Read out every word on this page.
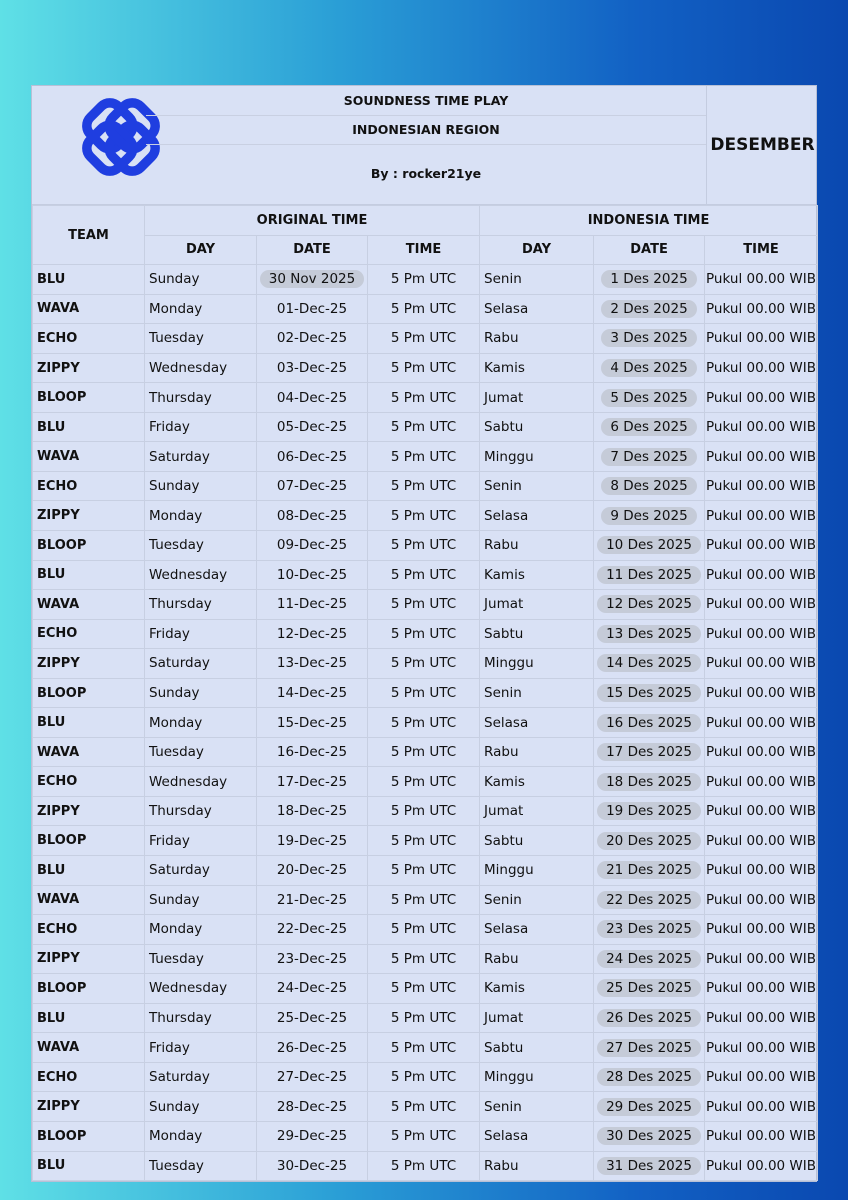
SOUNDNESS TIME PLAY
INDONESIAN REGION
By : rocker21ye
DESEMBER
TEAM	ORIGINAL TIME			INDONESIA TIME		
	DAY	DATE	TIME	DAY	DATE	TIME
BLU	Sunday	30 Nov 2025	5 Pm UTC	Senin	1 Des 2025	Pukul 00.00 WIB
WAVA	Monday	01-Dec-25	5 Pm UTC	Selasa	2 Des 2025	Pukul 00.00 WIB
ECHO	Tuesday	02-Dec-25	5 Pm UTC	Rabu	3 Des 2025	Pukul 00.00 WIB
ZIPPY	Wednesday	03-Dec-25	5 Pm UTC	Kamis	4 Des 2025	Pukul 00.00 WIB
BLOOP	Thursday	04-Dec-25	5 Pm UTC	Jumat	5 Des 2025	Pukul 00.00 WIB
BLU	Friday	05-Dec-25	5 Pm UTC	Sabtu	6 Des 2025	Pukul 00.00 WIB
WAVA	Saturday	06-Dec-25	5 Pm UTC	Minggu	7 Des 2025	Pukul 00.00 WIB
ECHO	Sunday	07-Dec-25	5 Pm UTC	Senin	8 Des 2025	Pukul 00.00 WIB
ZIPPY	Monday	08-Dec-25	5 Pm UTC	Selasa	9 Des 2025	Pukul 00.00 WIB
BLOOP	Tuesday	09-Dec-25	5 Pm UTC	Rabu	10 Des 2025	Pukul 00.00 WIB
BLU	Wednesday	10-Dec-25	5 Pm UTC	Kamis	11 Des 2025	Pukul 00.00 WIB
WAVA	Thursday	11-Dec-25	5 Pm UTC	Jumat	12 Des 2025	Pukul 00.00 WIB
ECHO	Friday	12-Dec-25	5 Pm UTC	Sabtu	13 Des 2025	Pukul 00.00 WIB
ZIPPY	Saturday	13-Dec-25	5 Pm UTC	Minggu	14 Des 2025	Pukul 00.00 WIB
BLOOP	Sunday	14-Dec-25	5 Pm UTC	Senin	15 Des 2025	Pukul 00.00 WIB
BLU	Monday	15-Dec-25	5 Pm UTC	Selasa	16 Des 2025	Pukul 00.00 WIB
WAVA	Tuesday	16-Dec-25	5 Pm UTC	Rabu	17 Des 2025	Pukul 00.00 WIB
ECHO	Wednesday	17-Dec-25	5 Pm UTC	Kamis	18 Des 2025	Pukul 00.00 WIB
ZIPPY	Thursday	18-Dec-25	5 Pm UTC	Jumat	19 Des 2025	Pukul 00.00 WIB
BLOOP	Friday	19-Dec-25	5 Pm UTC	Sabtu	20 Des 2025	Pukul 00.00 WIB
BLU	Saturday	20-Dec-25	5 Pm UTC	Minggu	21 Des 2025	Pukul 00.00 WIB
WAVA	Sunday	21-Dec-25	5 Pm UTC	Senin	22 Des 2025	Pukul 00.00 WIB
ECHO	Monday	22-Dec-25	5 Pm UTC	Selasa	23 Des 2025	Pukul 00.00 WIB
ZIPPY	Tuesday	23-Dec-25	5 Pm UTC	Rabu	24 Des 2025	Pukul 00.00 WIB
BLOOP	Wednesday	24-Dec-25	5 Pm UTC	Kamis	25 Des 2025	Pukul 00.00 WIB
BLU	Thursday	25-Dec-25	5 Pm UTC	Jumat	26 Des 2025	Pukul 00.00 WIB
WAVA	Friday	26-Dec-25	5 Pm UTC	Sabtu	27 Des 2025	Pukul 00.00 WIB
ECHO	Saturday	27-Dec-25	5 Pm UTC	Minggu	28 Des 2025	Pukul 00.00 WIB
ZIPPY	Sunday	28-Dec-25	5 Pm UTC	Senin	29 Des 2025	Pukul 00.00 WIB
BLOOP	Monday	29-Dec-25	5 Pm UTC	Selasa	30 Des 2025	Pukul 00.00 WIB
BLU	Tuesday	30-Dec-25	5 Pm UTC	Rabu	31 Des 2025	Pukul 00.00 WIB
